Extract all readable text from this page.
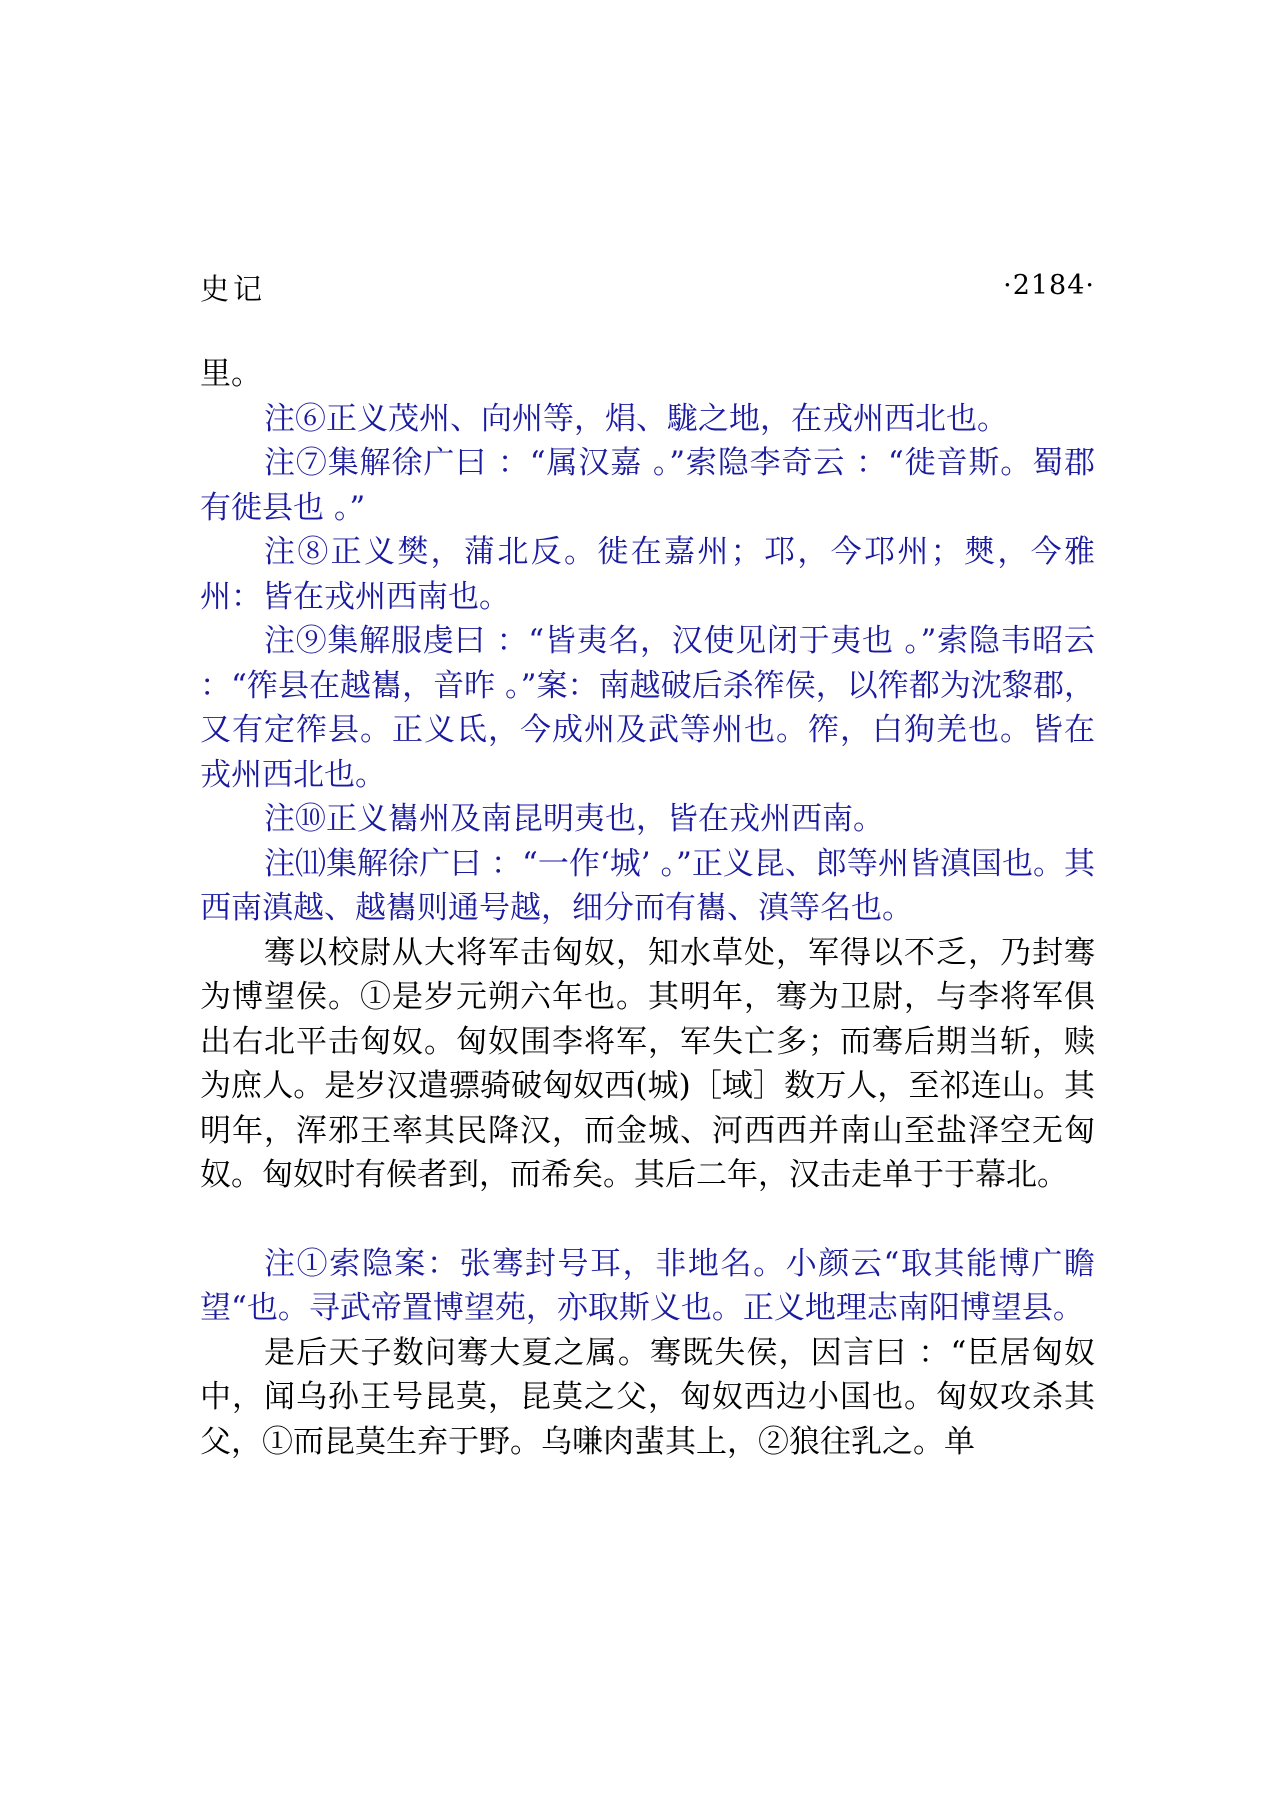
史记	·2184·

里。

注⑥正义茂州、向州等，焆、駹之地，在戎州西北也。

注⑦集解徐广曰 ：“属汉嘉 。”索隐李奇云 ：“徙音斯。蜀郡有徙县也 。”

注⑧正义樊，蒲北反。徙在嘉州；邛，今邛州；僰，今雅州：皆在戎州西南也。

注⑨集解服虔曰 ：“皆夷名，汉使见闭于夷也 。”索隐韦昭云 ：“筰县在越巂，音昨 。”案：南越破后杀筰侯，以筰都为沈黎郡，又有定筰县。正义氐，今成州及武等州也。筰，白狗羌也。皆在戎州西北也。

注⑩正义巂州及南昆明夷也，皆在戎州西南。

注⑾集解徐广曰 ：“一作‘城’ 。”正义昆、郎等州皆滇国也。其西南滇越、越巂则通号越，细分而有巂、滇等名也。

骞以校尉从大将军击匈奴，知水草处，军得以不乏，乃封骞为博望侯。①是岁元朔六年也。其明年，骞为卫尉，与李将军俱出右北平击匈奴。匈奴围李将军，军失亡多；而骞后期当斩，赎为庶人。是岁汉遣骠骑破匈奴西(城)［域］数万人，至祁连山。其明年，浑邪王率其民降汉，而金城、河西西并南山至盐泽空无匈奴。匈奴时有候者到，而希矣。其后二年，汉击走单于于幕北。

注①索隐案：张骞封号耳，非地名。小颜云“取其能博广瞻望“也。寻武帝置博望苑，亦取斯义也。正义地理志南阳博望县。

是后天子数问骞大夏之属。骞既失侯，因言曰 ：“臣居匈奴中，闻乌孙王号昆莫，昆莫之父，匈奴西边小国也。匈奴攻杀其父，①而昆莫生弃于野。乌嗛肉蜚其上，②狼往乳之。单
